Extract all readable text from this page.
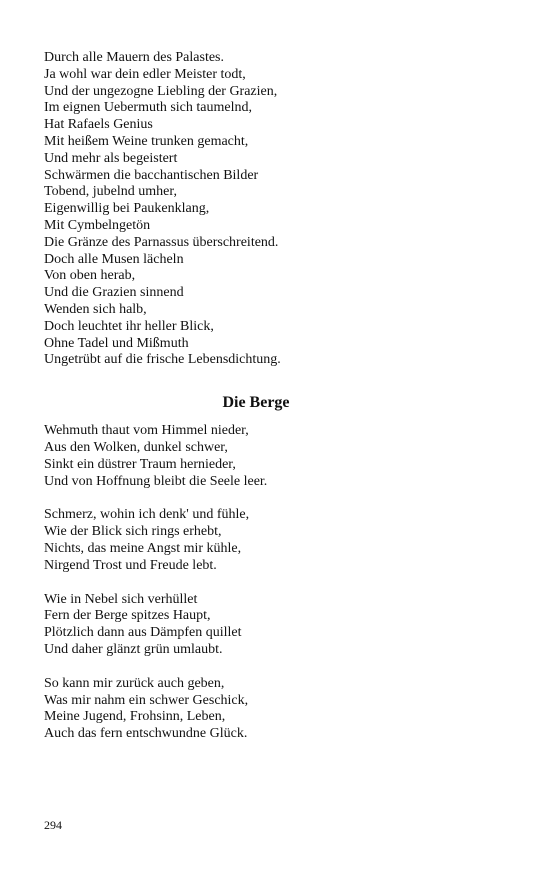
Durch alle Mauern des Palastes.
Ja wohl war dein edler Meister todt,
Und der ungezogne Liebling der Grazien,
Im eignen Uebermuth sich taumelnd,
Hat Rafaels Genius
Mit heißem Weine trunken gemacht,
Und mehr als begeistert
Schwärmen die bacchantischen Bilder
Tobend, jubelnd umher,
Eigenwillig bei Paukenklang,
Mit Cymbelngetön
Die Gränze des Parnassus überschreitend.
Doch alle Musen lächeln
Von oben herab,
Und die Grazien sinnend
Wenden sich halb,
Doch leuchtet ihr heller Blick,
Ohne Tadel und Mißmuth
Ungetrübt auf die frische Lebensdichtung.
Die Berge
Wehmuth thaut vom Himmel nieder,
Aus den Wolken, dunkel schwer,
Sinkt ein düstrer Traum hernieder,
Und von Hoffnung bleibt die Seele leer.
Schmerz, wohin ich denk' und fühle,
Wie der Blick sich rings erhebt,
Nichts, das meine Angst mir kühle,
Nirgend Trost und Freude lebt.
Wie in Nebel sich verhüllet
Fern der Berge spitzes Haupt,
Plötzlich dann aus Dämpfen quillet
Und daher glänzt grün umlaubt.
So kann mir zurück auch geben,
Was mir nahm ein schwer Geschick,
Meine Jugend, Frohsinn, Leben,
Auch das fern entschwundne Glück.
294
